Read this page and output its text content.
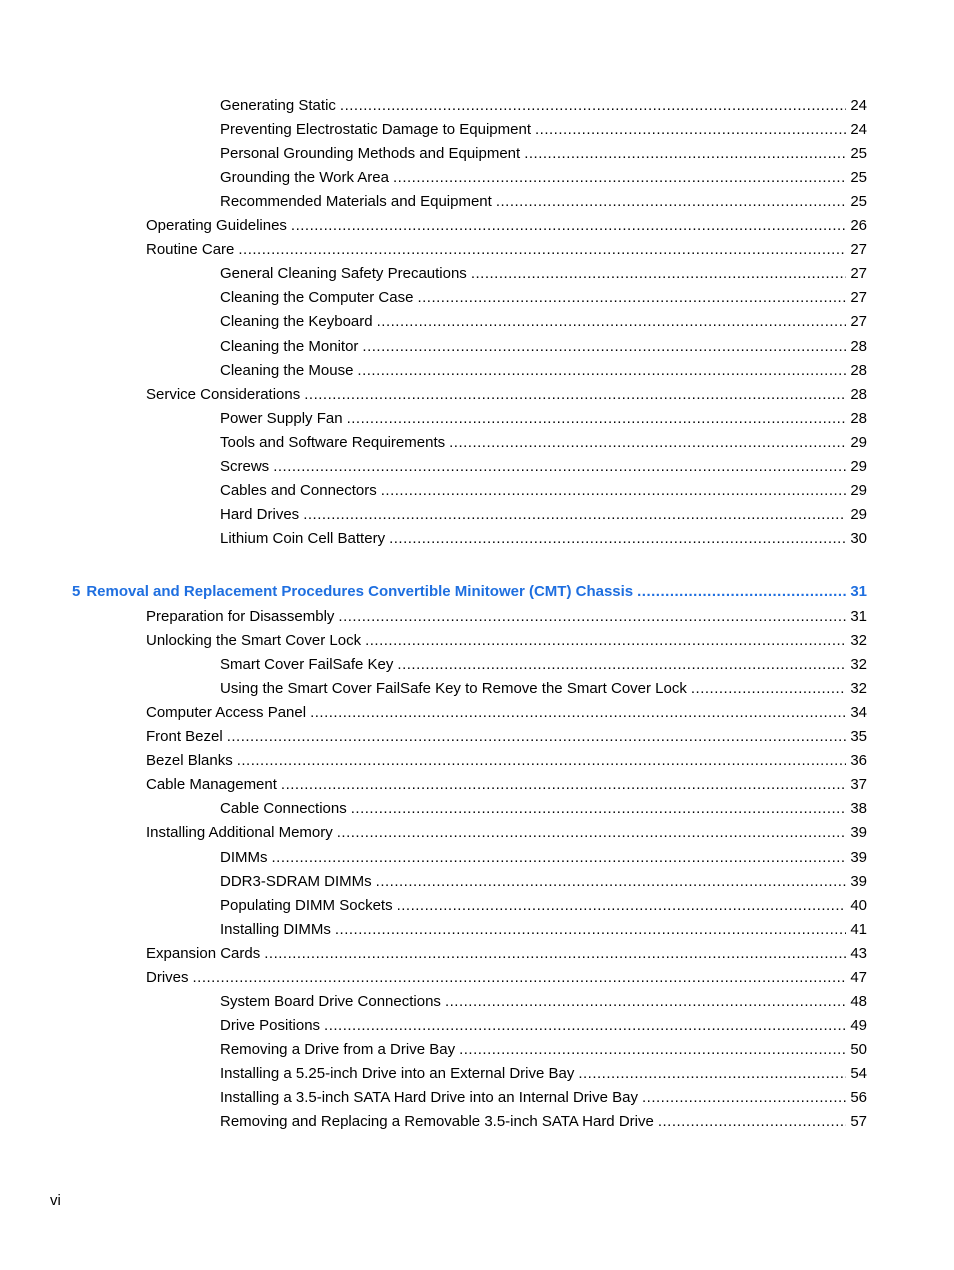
Generating Static .....	24
Preventing Electrostatic Damage to Equipment .....	24
Personal Grounding Methods and Equipment .....	25
Grounding the Work Area .....	25
Recommended Materials and Equipment .....	25
Operating Guidelines .....	26
Routine Care .....	27
General Cleaning Safety Precautions .....	27
Cleaning the Computer Case .....	27
Cleaning the Keyboard .....	27
Cleaning the Monitor .....	28
Cleaning the Mouse .....	28
Service Considerations .....	28
Power Supply Fan .....	28
Tools and Software Requirements .....	29
Screws .....	29
Cables and Connectors .....	29
Hard Drives .....	29
Lithium Coin Cell Battery .....	30
5 Removal and Replacement Procedures Convertible Minitower (CMT) Chassis .....	31
Preparation for Disassembly .....	31
Unlocking the Smart Cover Lock .....	32
Smart Cover FailSafe Key .....	32
Using the Smart Cover FailSafe Key to Remove the Smart Cover Lock .....	32
Computer Access Panel .....	34
Front Bezel .....	35
Bezel Blanks .....	36
Cable Management .....	37
Cable Connections .....	38
Installing Additional Memory .....	39
DIMMs .....	39
DDR3-SDRAM DIMMs .....	39
Populating DIMM Sockets .....	40
Installing DIMMs .....	41
Expansion Cards .....	43
Drives .....	47
System Board Drive Connections .....	48
Drive Positions .....	49
Removing a Drive from a Drive Bay .....	50
Installing a 5.25-inch Drive into an External Drive Bay .....	54
Installing a 3.5-inch SATA Hard Drive into an Internal Drive Bay .....	56
Removing and Replacing a Removable 3.5-inch SATA Hard Drive .....	57
vi
